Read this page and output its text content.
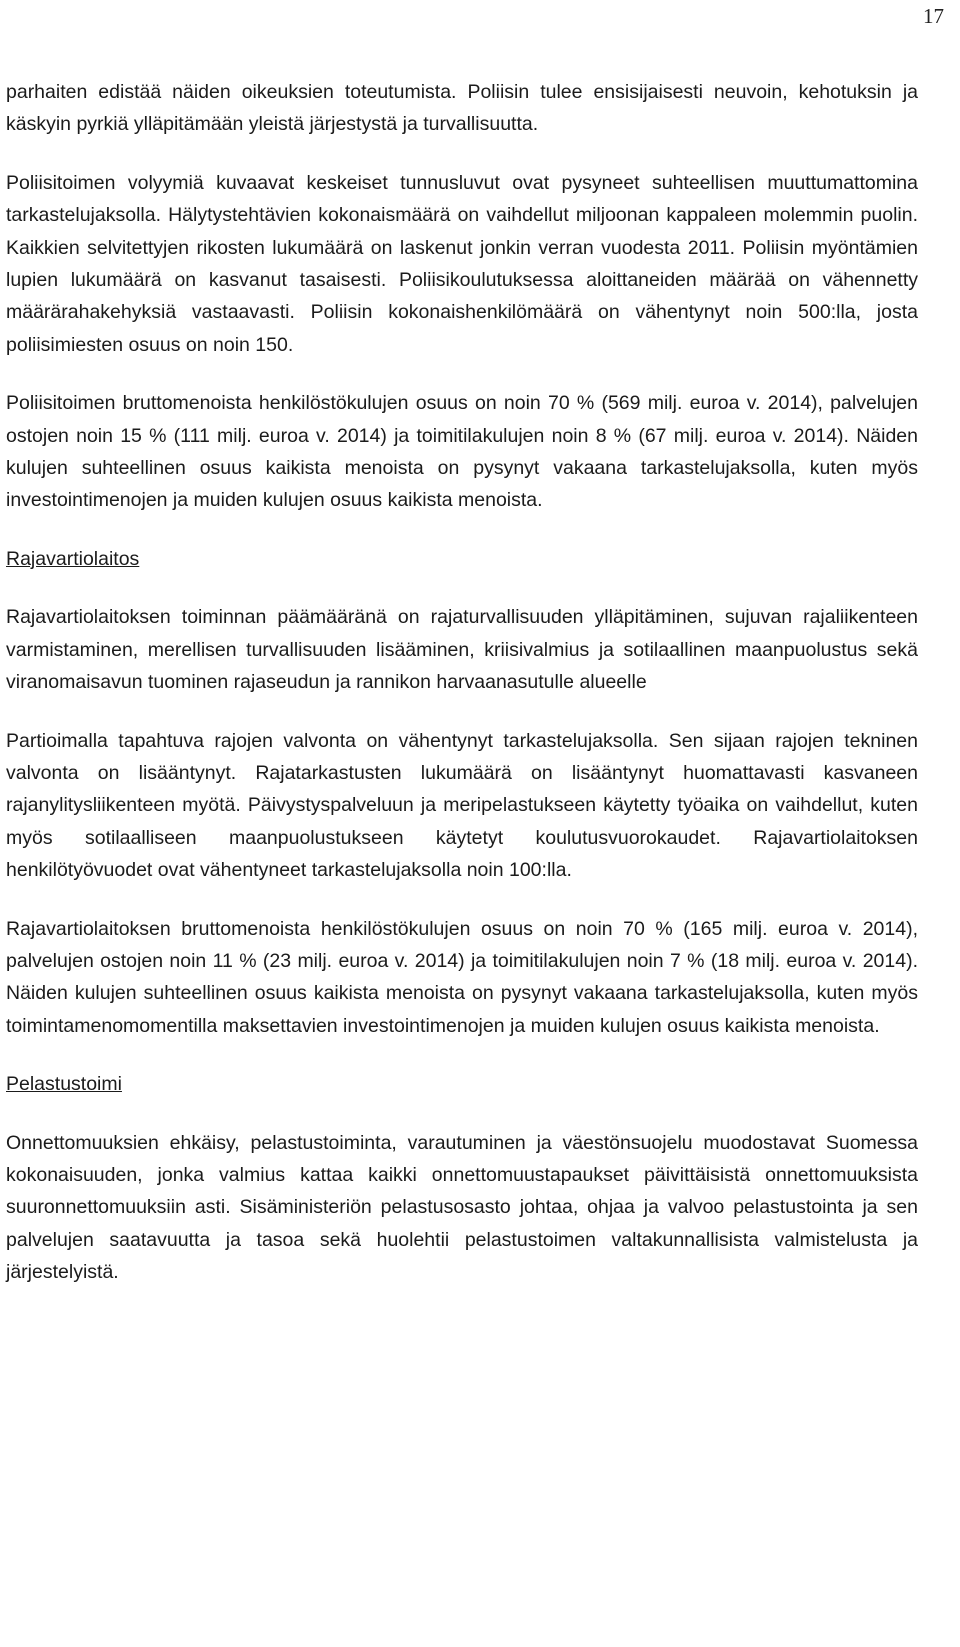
17

parhaiten edistää näiden oikeuksien toteutumista. Poliisin tulee ensisijaisesti neuvoin, kehotuksin ja käskyin pyrkiä ylläpitämään yleistä järjestystä ja turvallisuutta.

Poliisitoimen volyymiä kuvaavat keskeiset tunnusluvut ovat pysyneet suhteellisen muuttumattomina tarkastelujaksolla. Hälytystehtävien kokonaismäärä on vaihdellut miljoonan kappaleen molemmin puolin. Kaikkien selvitettyjen rikosten lukumäärä on laskenut jonkin verran vuodesta 2011. Poliisin myöntämien lupien lukumäärä on kasvanut tasaisesti. Poliisikoulutuksessa aloittaneiden määrää on vähennetty määrärahakehyksiä vastaavasti. Poliisin kokonaishenkilömäärä on vähentynyt noin 500:lla, josta poliisimiesten osuus on noin 150.

Poliisitoimen bruttomenoista henkilöstökulujen osuus on noin 70 % (569 milj. euroa v. 2014), palvelujen ostojen noin 15 % (111 milj. euroa v. 2014) ja toimitilakulujen noin 8 % (67 milj. euroa v. 2014). Näiden kulujen suhteellinen osuus kaikista menoista on pysynyt vakaana tarkastelujaksolla, kuten myös investointimenojen ja muiden kulujen osuus kaikista menoista.

Rajavartiolaitos

Rajavartiolaitoksen toiminnan päämääränä on rajaturvallisuuden ylläpitäminen, sujuvan rajaliikenteen varmistaminen, merellisen turvallisuuden lisääminen, kriisivalmius ja sotilaallinen maanpuolustus sekä viranomaisavun tuominen rajaseudun ja rannikon harvaanasutulle alueelle

Partioimalla tapahtuva rajojen valvonta on vähentynyt tarkastelujaksolla. Sen sijaan rajojen tekninen valvonta on lisääntynyt. Rajatarkastusten lukumäärä on lisääntynyt huomattavasti kasvaneen rajanylitysliikenteen myötä. Päivystyspalveluun ja meripelastukseen käytetty työaika on vaihdellut, kuten myös sotilaalliseen maanpuolustukseen käytetyt koulutusvuorokaudet. Rajavartiolaitoksen henkilötyövuodet ovat vähentyneet tarkastelujaksolla noin 100:lla.

Rajavartiolaitoksen bruttomenoista henkilöstökulujen osuus on noin 70 % (165 milj. euroa v. 2014), palvelujen ostojen noin 11 % (23 milj. euroa v. 2014) ja toimitilakulujen noin 7 % (18 milj. euroa v. 2014). Näiden kulujen suhteellinen osuus kaikista menoista on pysynyt vakaana tarkastelujaksolla, kuten myös toimintamenomomentilla maksettavien investointimenojen ja muiden kulujen osuus kaikista menoista.

Pelastustoimi

Onnettomuuksien ehkäisy, pelastustoiminta, varautuminen ja väestönsuojelu muodostavat Suomessa kokonaisuuden, jonka valmius kattaa kaikki onnettomuustapaukset päivittäisistä onnettomuuksista suuronnettomuuksiin asti. Sisäministeriön pelastusosasto johtaa, ohjaa ja valvoo pelastustointa ja sen palvelujen saatavuutta ja tasoa sekä huolehtii pelastustoimen valtakunnallisista valmistelusta ja järjestelyistä.
